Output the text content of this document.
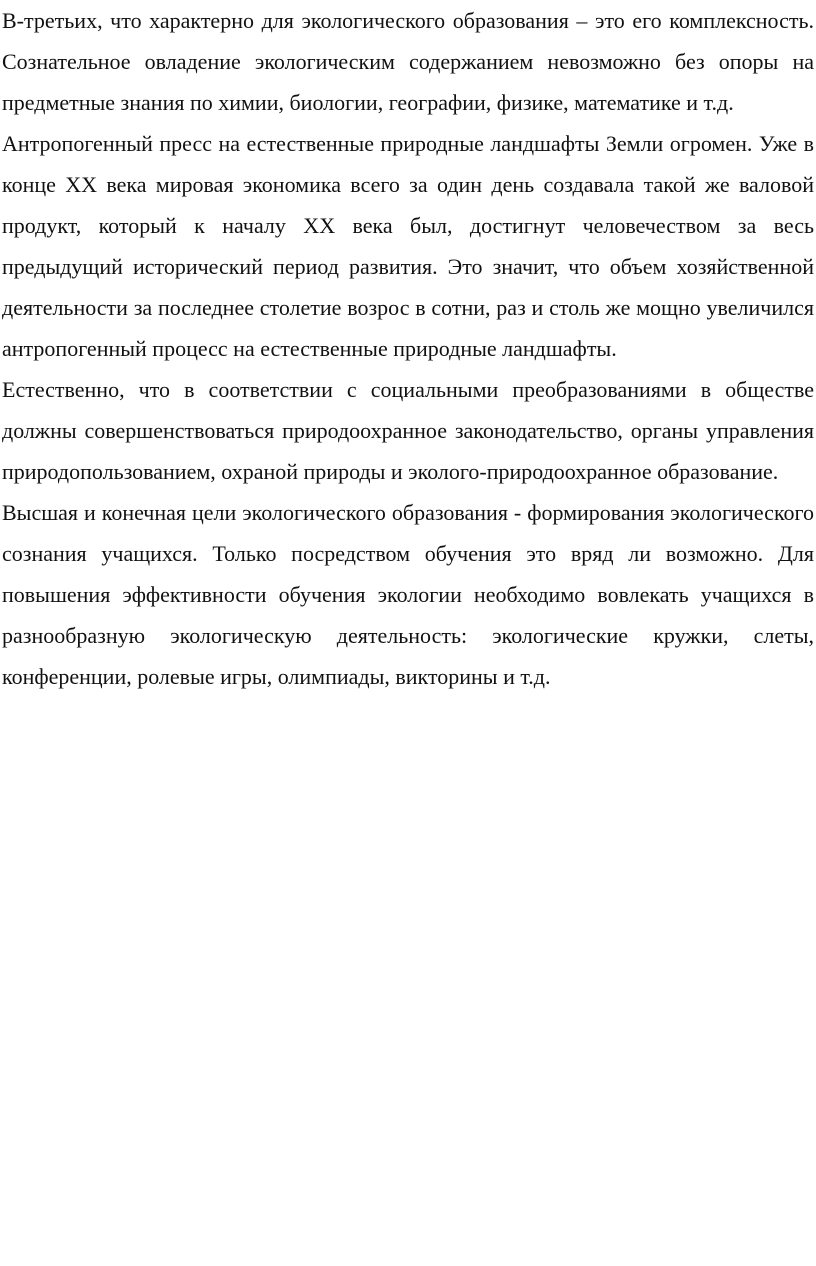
В-третьих, что характерно для экологического образования – это его комплексность. Сознательное овладение экологическим содержанием невозможно без опоры на предметные знания по химии, биологии, географии, физике, математике и т.д.

Антропогенный пресс на естественные природные ландшафты Земли огромен. Уже в конце XX века мировая экономика всего за один день создавала такой же валовой продукт, который к началу XX века был, достигнут человечеством за весь предыдущий исторический период развития. Это значит, что объем хозяйственной деятельности за последнее столетие возрос в сотни, раз и столь же мощно увеличился антропогенный процесс на естественные природные ландшафты.

Естественно, что в соответствии с социальными преобразованиями в обществе должны совершенствоваться природоохранное законодательство, органы управления природопользованием, охраной природы и эколого-природоохранное образование.

Высшая и конечная цели экологического образования - формирования экологического сознания учащихся. Только посредством обучения это вряд ли возможно. Для повышения эффективности обучения экологии необходимо вовлекать учащихся в разнообразную экологическую деятельность: экологические кружки, слеты, конференции, ролевые игры, олимпиады, викторины и т.д.
